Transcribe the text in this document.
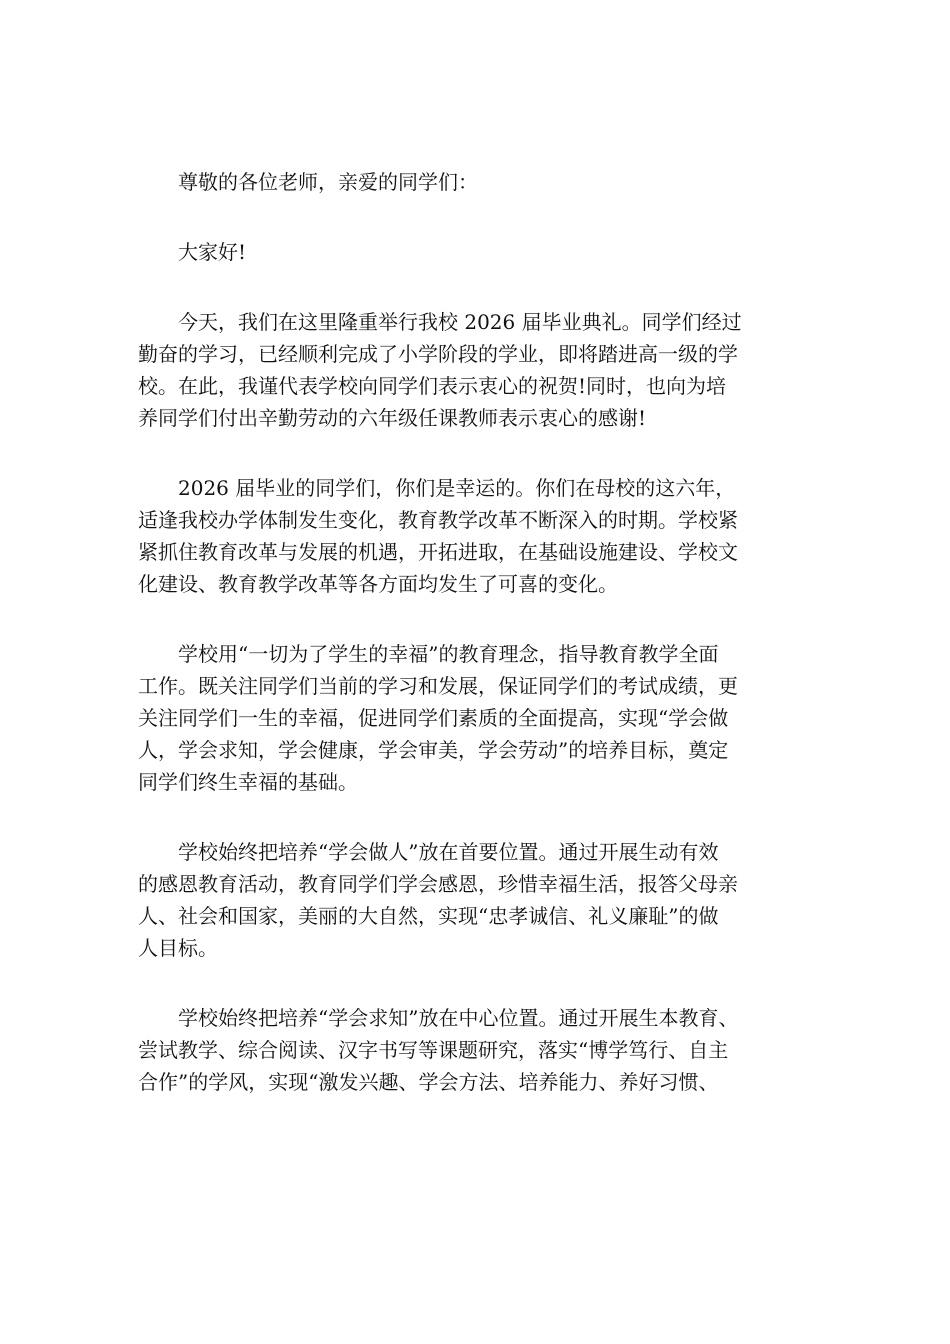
　　尊敬的各位老师，亲爱的同学们：
　　大家好!
　　今天，我们在这里隆重举行我校 2026 届毕业典礼。同学们经过
勤奋的学习，已经顺利完成了小学阶段的学业，即将踏进高一级的学
校。在此，我谨代表学校向同学们表示衷心的祝贺!同时，也向为培
养同学们付出辛勤劳动的六年级任课教师表示衷心的感谢!
　　2026 届毕业的同学们，你们是幸运的。你们在母校的这六年，
适逢我校办学体制发生变化，教育教学改革不断深入的时期。学校紧
紧抓住教育改革与发展的机遇，开拓进取，在基础设施建设、学校文
化建设、教育教学改革等各方面均发生了可喜的变化。
　　学校用“一切为了学生的幸福”的教育理念，指导教育教学全面
工作。既关注同学们当前的学习和发展，保证同学们的考试成绩，更
关注同学们一生的幸福，促进同学们素质的全面提高，实现“学会做
人，学会求知，学会健康，学会审美，学会劳动”的培养目标，奠定
同学们终生幸福的基础。
　　学校始终把培养“学会做人”放在首要位置。通过开展生动有效
的感恩教育活动，教育同学们学会感恩，珍惜幸福生活，报答父母亲
人、社会和国家，美丽的大自然，实现“忠孝诚信、礼义廉耻”的做
人目标。
　　学校始终把培养“学会求知”放在中心位置。通过开展生本教育、
尝试教学、综合阅读、汉字书写等课题研究，落实“博学笃行、自主
合作”的学风，实现“激发兴趣、学会方法、培养能力、养好习惯、
